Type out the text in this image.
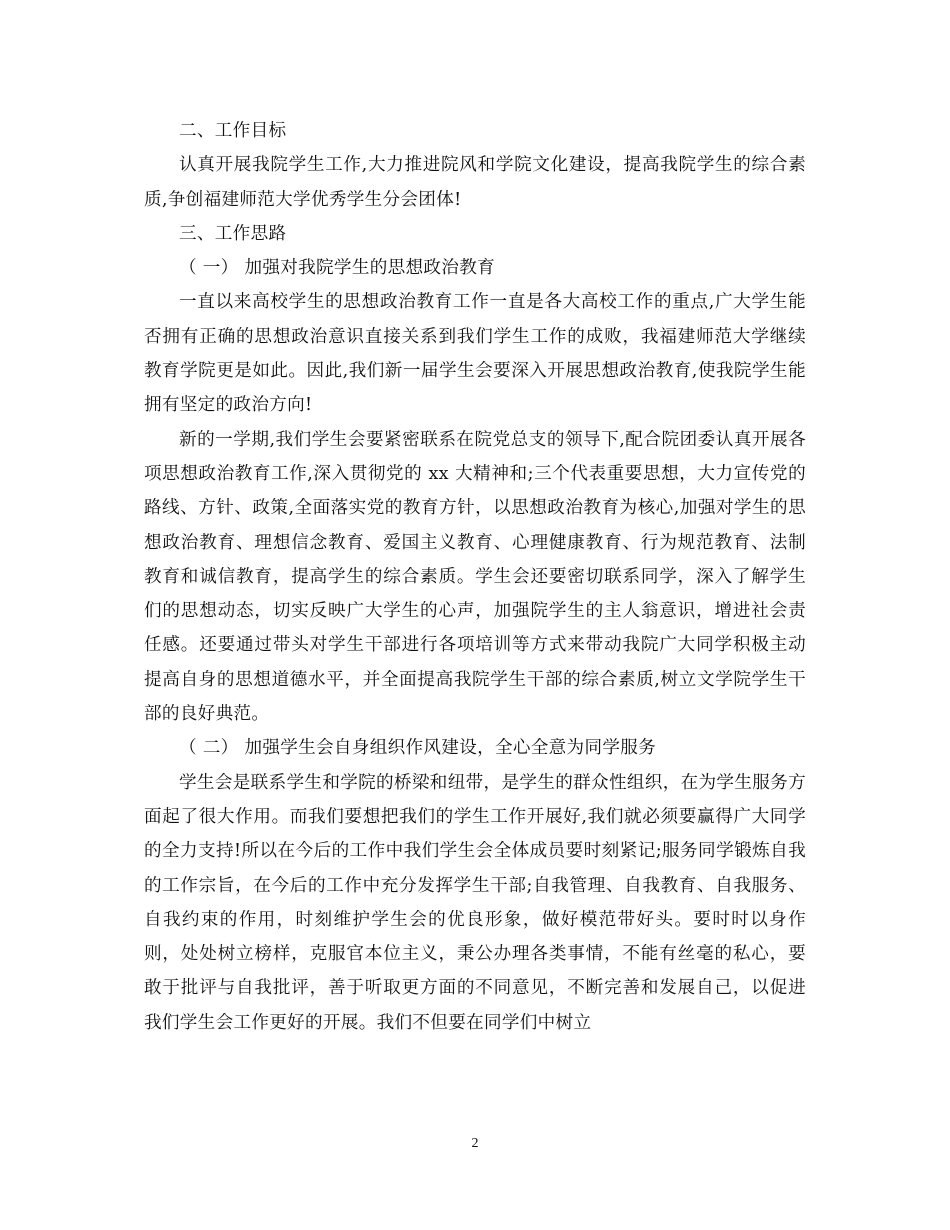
二、工作目标

认真开展我院学生工作,大力推进院风和学院文化建设，提高我院学生的综合素质,争创福建师范大学优秀学生分会团体!

三、工作思路

（ 一） 加强对我院学生的思想政治教育

一直以来高校学生的思想政治教育工作一直是各大高校工作的重点,广大学生能否拥有正确的思想政治意识直接关系到我们学生工作的成败，我福建师范大学继续教育学院更是如此。因此,我们新一届学生会要深入开展思想政治教育,使我院学生能拥有坚定的政治方向!

新的一学期,我们学生会要紧密联系在院党总支的领导下,配合院团委认真开展各项思想政治教育工作,深入贯彻党的 xx 大精神和;三个代表重要思想，大力宣传党的路线、方针、政策,全面落实党的教育方针，以思想政治教育为核心,加强对学生的思想政治教育、理想信念教育、爱国主义教育、心理健康教育、行为规范教育、法制教育和诚信教育，提高学生的综合素质。学生会还要密切联系同学，深入了解学生们的思想动态，切实反映广大学生的心声，加强院学生的主人翁意识，增进社会责任感。还要通过带头对学生干部进行各项培训等方式来带动我院广大同学积极主动提高自身的思想道德水平，并全面提高我院学生干部的综合素质,树立文学院学生干部的良好典范。

（ 二） 加强学生会自身组织作风建设，全心全意为同学服务

学生会是联系学生和学院的桥梁和纽带，是学生的群众性组织，在为学生服务方面起了很大作用。而我们要想把我们的学生工作开展好,我们就必须要赢得广大同学的全力支持!所以在今后的工作中我们学生会全体成员要时刻紧记;服务同学锻炼自我的工作宗旨，在今后的工作中充分发挥学生干部;自我管理、自我教育、自我服务、自我约束的作用，时刻维护学生会的优良形象，做好模范带好头。要时时以身作则，处处树立榜样，克服官本位主义，秉公办理各类事情，不能有丝毫的私心，要敢于批评与自我批评，善于听取更方面的不同意见，不断完善和发展自己，以促进我们学生会工作更好的开展。我们不但要在同学们中树立

2
